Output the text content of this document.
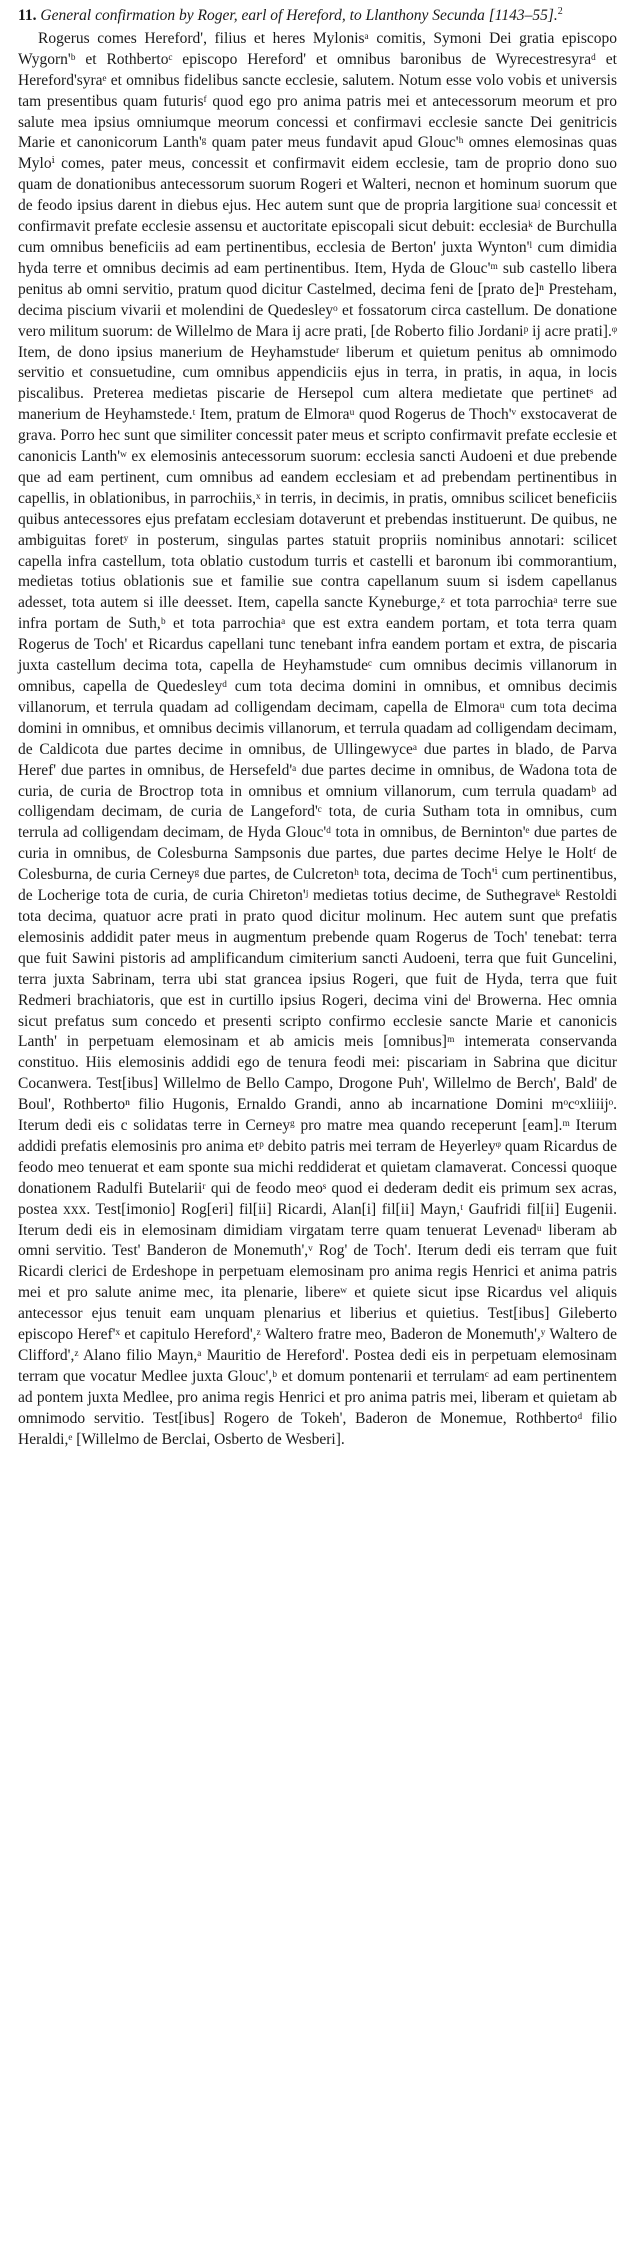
11. General confirmation by Roger, earl of Hereford, to Llanthony Secunda [1143–55].$^2$

Rogerus comes Hereford', filius et heres Mylonisᵃ comitis, Symoni Dei gratia episcopo Wygorn'ᵇ et Rothbertoᶜ episcopo Hereford' et omnibus baronibus de Wyrecestresyraᵈ et Hereford'syraᵉ et omnibus fidelibus sancte ecclesie, salutem. Notum esse volo vobis et universis tam presentibus quam futurisᶠ quod ego pro anima patris mei et antecessorum meorum et pro salute mea ipsius omniumque meorum concessi et confirmavi ecclesie sancte Dei genitricis Marie et canonicorum Lanth'ᵍ quam pater meus fundavit apud Glouc'ʰ omnes elemosinas quas Myloⁱ comes, pater meus, concessit et confirmavit eidem ecclesie, tam de proprio dono suo quam de donationibus antecessorum suorum Rogeri et Walteri, necnon et hominum suorum que de feodo ipsius darent in diebus ejus. Hec autem sunt que de propria largitione suaʲ concessit et confirmavit prefate ecclesie assensu et auctoritate episcopali sicut debuit: ecclesiaᵏ de Burchulla cum omnibus beneficiis ad eam pertinentibus, ecclesia de Berton' juxta Wynton'ˡ cum dimidia hyda terre et omnibus decimis ad eam pertinentibus. Item, Hyda de Glouc'ᵐ sub castello libera penitus ab omni servitio, pratum quod dicitur Castelmed, decima feni de [prato de]ⁿ Presteham, decima piscium vivarii et molendini de Quedesleyᵒ et fossatorum circa castellum. De donatione vero militum suorum: de Willelmo de Mara ij acre prati, [de Roberto filio Jordaniᵖ ij acre prati].ᵠ Item, de dono ipsius manerium de Heyhamstudeʳ liberum et quietum penitus ab omnimodo servitio et consuetudine, cum omnibus appendiciis ejus in terra, in pratis, in aqua, in locis piscalibus. Preterea medietas piscarie de Hersepol cum altera medietate que pertinetˢ ad manerium de Heyhamstede.ᵗ Item, pratum de Elmoraᵘ quod Rogerus de Thoch'ᵛ exstocaverat de grava. Porro hec sunt que similiter concessit pater meus et scripto confirmavit prefate ecclesie et canonicis Lanth'ʷ ex elemosinis antecessorum suorum: ecclesia sancti Audoeni et due prebende que ad eam pertinent, cum omnibus ad eandem ecclesiam et ad prebendam pertinentibus in capellis, in oblationibus, in parrochiis,ˣ in terris, in decimis, in pratis, omnibus scilicet beneficiis quibus antecessores ejus prefatam ecclesiam dotaverunt et prebendas instituerunt. De quibus, ne ambiguitas foretʸ in posterum, singulas partes statuit propriis nominibus annotari: scilicet capella infra castellum, tota oblatio custodum turris et castelli et baronum ibi commorantium, medietas totius oblationis sue et familie sue contra capellanum suum si isdem capellanus adesset, tota autem si ille deesset. Item, capella sancte Kyneburge,ᶻ et tota parrochiaᵃ terre sue infra portam de Suth,ᵇ et tota parrochiaᵃ que est extra eandem portam, et tota terra quam Rogerus de Toch' et Ricardus capellani tunc tenebant infra eandem portam et extra, de piscaria juxta castellum decima tota, capella de Heyhamstudeᶜ cum omnibus decimis villanorum in omnibus, capella de Quedesleyᵈ cum tota decima domini in omnibus, et omnibus decimis villanorum, et terrula quadam ad colligendam decimam, capella de Elmoraᵘ cum tota decima domini in omnibus, et omnibus decimis villanorum, et terrula quadam ad colligendam decimam, de Caldicota due partes decime in omnibus, de Ullingewyceᵃ due partes in blado, de Parva Heref' due partes in omnibus, de Hersefeld'ᵃ due partes decime in omnibus, de Wadona tota de curia, de curia de Broctrop tota in omnibus et omnium villanorum, cum terrula quadamᵇ ad colligendam decimam, de curia de Langeford'ᶜ tota, de curia Sutham tota in omnibus, cum terrula ad colligendam decimam, de Hyda Glouc'ᵈ tota in omnibus, de Berninton'ᵉ due partes de curia in omnibus, de Colesburna Sampsonis due partes, due partes decime Helye le Holtᶠ de Colesburna, de curia Cerneyᵍ due partes, de Culcretonʰ tota, decima de Toch'ⁱ cum pertinentibus, de Locherige tota de curia, de curia Chireton'ʲ medietas totius decime, de Suthegraveᵏ Restoldi tota decima, quatuor acre prati in prato quod dicitur molinum. Hec autem sunt que prefatis elemosinis addidit pater meus in augmentum prebende quam Rogerus de Toch' tenebat: terra que fuit Sawini pistoris ad amplificandum cimiterium sancti Audoeni, terra que fuit Guncelini, terra juxta Sabrinam, terra ubi stat grancea ipsius Rogeri, que fuit de Hyda, terra que fuit Redmeri brachiatoris, que est in curtillo ipsius Rogeri, decima vini deˡ Browerna. Hec omnia sicut prefatus sum concedo et presenti scripto confirmo ecclesie sancte Marie et canonicis Lanth' in perpetuam elemosinam et ab amicis meis [omnibus]ᵐ intemerata conservanda constituo. Hiis elemosinis addidi ego de tenura feodi mei: piscariam in Sabrina que dicitur Cocanwera. Test[ibus] Willelmo de Bello Campo, Drogone Puh', Willelmo de Berch', Bald' de Boul', Rothbertoⁿ filio Hugonis, Ernaldo Grandi, anno ab incarnatione Domini mᵒcᵒxliiijᵒ. Iterum dedi eis c solidatas terre in Cerneyᵍ pro matre mea quando receperunt [eam].ᵐ Iterum addidi prefatis elemosinis pro anima etᵖ debito patris mei terram de Heyerleyᵠ quam Ricardus de feodo meo tenuerat et eam sponte sua michi reddiderat et quietam clamaverat. Concessi quoque donationem Radulfi Butelariiʳ qui de feodo meoˢ quod ei dederam dedit eis primum sex acras, postea xxx. Test[imonio] Rog[eri] fil[ii] Ricardi, Alan[i] fil[ii] Mayn,ᵗ Gaufridi fil[ii] Eugenii. Iterum dedi eis in elemosinam dimidiam virgatam terre quam tenuerat Levenadᵘ liberam ab omni servitio. Test' Banderon de Monemuth',ᵛ Rog' de Toch'. Iterum dedi eis terram que fuit Ricardi clerici de Erdeshope in perpetuam elemosinam pro anima regis Henrici et anima patris mei et pro salute anime mec, ita plenarie, libereʷ et quiete sicut ipse Ricardus vel aliquis antecessor ejus tenuit eam unquam plenarius et liberius et quietius. Test[ibus] Gileberto episcopo Heref'ˣ et capitulo Hereford',ᶻ Waltero fratre meo, Baderon de Monemuth',ʸ Waltero de Clifford',ᶻ Alano filio Mayn,ᵃ Mauritio de Hereford'. Postea dedi eis in perpetuam elemosinam terram que vocatur Medlee juxta Glouc',ᵇ et domum pontenarii et terrulamᶜ ad eam pertinentem ad pontem juxta Medlee, pro anima regis Henrici et pro anima patris mei, liberam et quietam ab omnimodo servitio. Test[ibus] Rogero de Tokeh', Baderon de Monemue, Rothbertoᵈ filio Heraldi,ᵉ [Willelmo de Berclai, Osberto de Wesberi].
